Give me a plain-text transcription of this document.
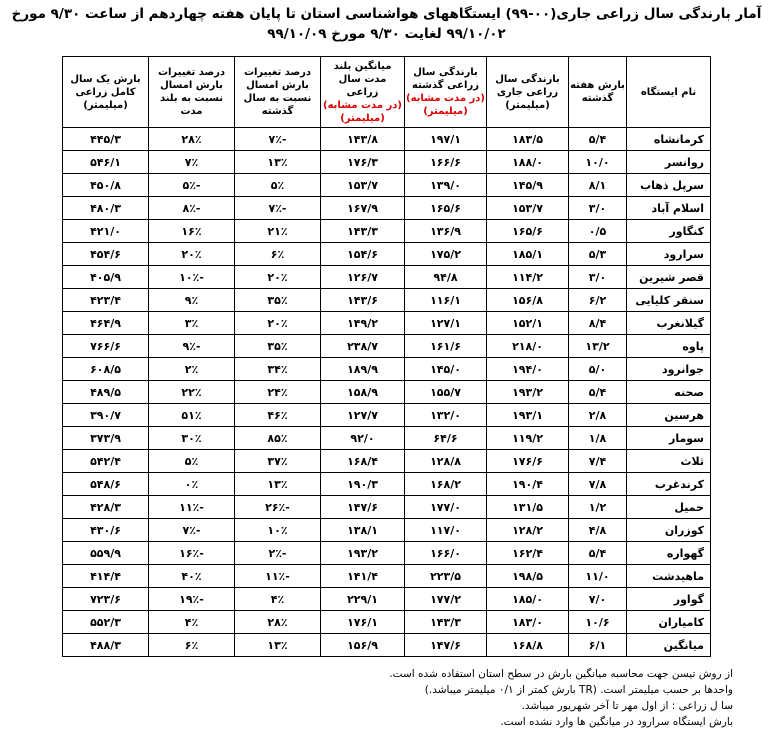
آمار بارندگی سال زراعی جاری(۰۰-۹۹) ایستگاههای هواشناسی استان تا پایان هفته چهاردهم از ساعت ۹/۳۰ مورخ ۹۹/۱۰/۰۲ لغایت ۹/۳۰ مورخ ۹۹/۱۰/۰۹
نام ایستگاه	بارش هفته گذشته	بارندگی سال زراعی جاری (میلیمتر)	بارندگی سال زراعی گذشته
(در مدت مشابه)
(میلیمتر)	میانگین بلند مدت سال زراعی
(در مدت مشابه)
(میلیمتر)	درصد تغییرات بارش امسال نسبت به سال گذشته	درصد تغییرات بارش امسال نسبت به بلند مدت	بارش یک سال کامل زراعی (میلیمتر)
کرمانشاه	۵/۴	۱۸۳/۵	۱۹۷/۱	۱۴۳/۸	-۷٪	۲۸٪	۴۴۵/۳
روانسر	۱۰/۰	۱۸۸/۰	۱۶۶/۶	۱۷۶/۳	۱۳٪	۷٪	۵۴۶/۱
سرپل ذهاب	۸/۱	۱۴۵/۹	۱۳۹/۰	۱۵۳/۷	۵٪	-۵٪	۴۵۰/۸
اسلام آباد	۳/۰	۱۵۳/۷	۱۶۵/۶	۱۶۷/۹	-۷٪	-۸٪	۴۸۰/۳
کنگاور	۰/۵	۱۶۵/۶	۱۳۶/۹	۱۴۳/۳	۲۱٪	۱۶٪	۴۲۱/۰
سرارود	۵/۳	۱۸۵/۱	۱۷۵/۲	۱۵۴/۶	۶٪	۲۰٪	۴۵۴/۶
قصر شیرین	۳/۰	۱۱۴/۲	۹۴/۸	۱۲۶/۷	۲۰٪	-۱۰٪	۴۰۵/۹
سنقر کلیایی	۶/۲	۱۵۶/۸	۱۱۶/۱	۱۴۳/۶	۳۵٪	۹٪	۴۲۳/۴
گیلانغرب	۸/۴	۱۵۲/۱	۱۲۷/۱	۱۴۹/۲	۲۰٪	۳٪	۴۶۴/۹
پاوه	۱۳/۲	۲۱۸/۰	۱۶۱/۶	۲۳۸/۷	۳۵٪	-۹٪	۷۶۶/۶
جوانرود	۵/۰	۱۹۴/۰	۱۴۵/۰	۱۸۹/۹	۳۴٪	۲٪	۶۰۸/۵
صحنه	۵/۴	۱۹۳/۲	۱۵۵/۷	۱۵۸/۹	۲۴٪	۲۲٪	۴۸۹/۵
هرسین	۲/۸	۱۹۳/۱	۱۳۲/۰	۱۲۷/۷	۴۶٪	۵۱٪	۳۹۰/۷
سومار	۱/۸	۱۱۹/۲	۶۴/۶	۹۲/۰	۸۵٪	۳۰٪	۳۷۳/۹
ثلاث	۷/۴	۱۷۶/۶	۱۲۸/۸	۱۶۸/۴	۳۷٪	۵٪	۵۴۲/۴
کرندغرب	۷/۸	۱۹۰/۴	۱۶۸/۲	۱۹۰/۳	۱۳٪	۰٪	۵۴۸/۶
حمیل	۱/۲	۱۳۱/۵	۱۷۷/۰	۱۴۷/۶	-۲۶٪	-۱۱٪	۴۲۸/۳
کوزران	۴/۸	۱۲۸/۲	۱۱۷/۰	۱۳۸/۱	۱۰٪	-۷٪	۴۳۰/۶
گهواره	۵/۴	۱۶۲/۴	۱۶۶/۰	۱۹۳/۲	-۲٪	-۱۶٪	۵۵۹/۹
ماهیدشت	۱۱/۰	۱۹۸/۵	۲۲۳/۵	۱۴۱/۴	-۱۱٪	۴۰٪	۴۱۴/۴
گواور	۷/۰	۱۸۵/۰	۱۷۷/۲	۲۲۹/۱	۴٪	-۱۹٪	۷۲۳/۶
کامیاران	۱۰/۶	۱۸۳/۰	۱۴۳/۳	۱۷۶/۱	۲۸٪	۴٪	۵۵۲/۳
میانگین	۶/۱	۱۶۸/۸	۱۴۷/۶	۱۵۶/۹	۱۳٪	۶٪	۴۸۸/۳
از روش تیسن جهت محاسبه میانگین بارش در سطح استان استفاده شده است.
واحدها بر حسب میلیمتر است. (TR بارش کمتر از ۰/۱ میلیمتر میباشد.)
سا ل زراعی : از اول مهر تا آخر شهریور میباشد.
بارش ایستگاه سرارود در میانگین ها وارد نشده است.
